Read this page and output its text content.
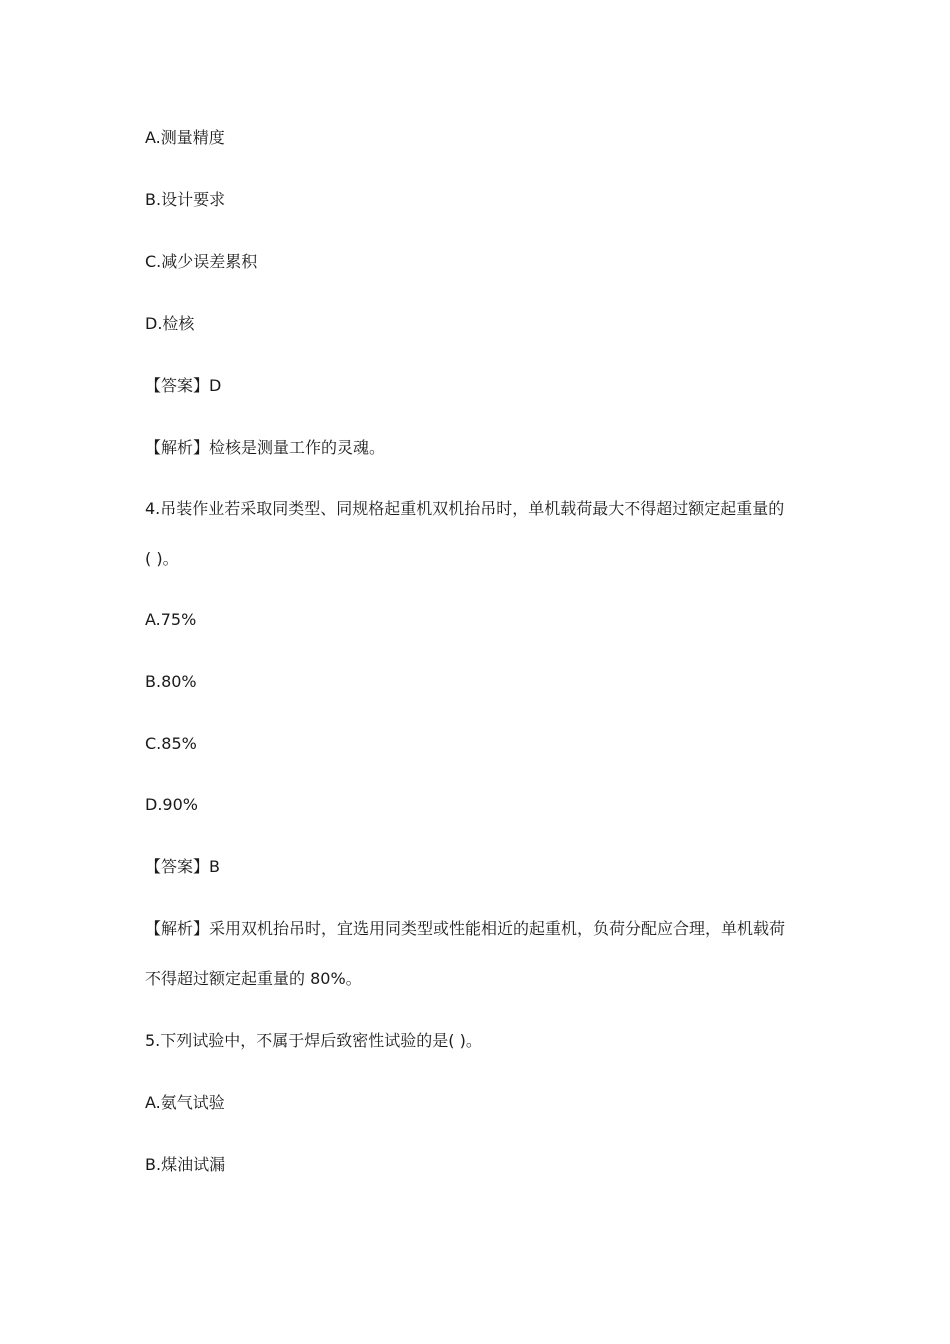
A.测量精度
B.设计要求
C.减少误差累积
D.检核
【答案】D
【解析】检核是测量工作的灵魂。
4.吊装作业若采取同类型、同规格起重机双机抬吊时，单机载荷最大不得超过额定起重量的
( )。
A.75%
B.80%
C.85%
D.90%
【答案】B
【解析】采用双机抬吊时，宜选用同类型或性能相近的起重机，负荷分配应合理，单机载荷
不得超过额定起重量的 80%。
5.下列试验中，不属于焊后致密性试验的是( )。
A.氨气试验
B.煤油试漏
